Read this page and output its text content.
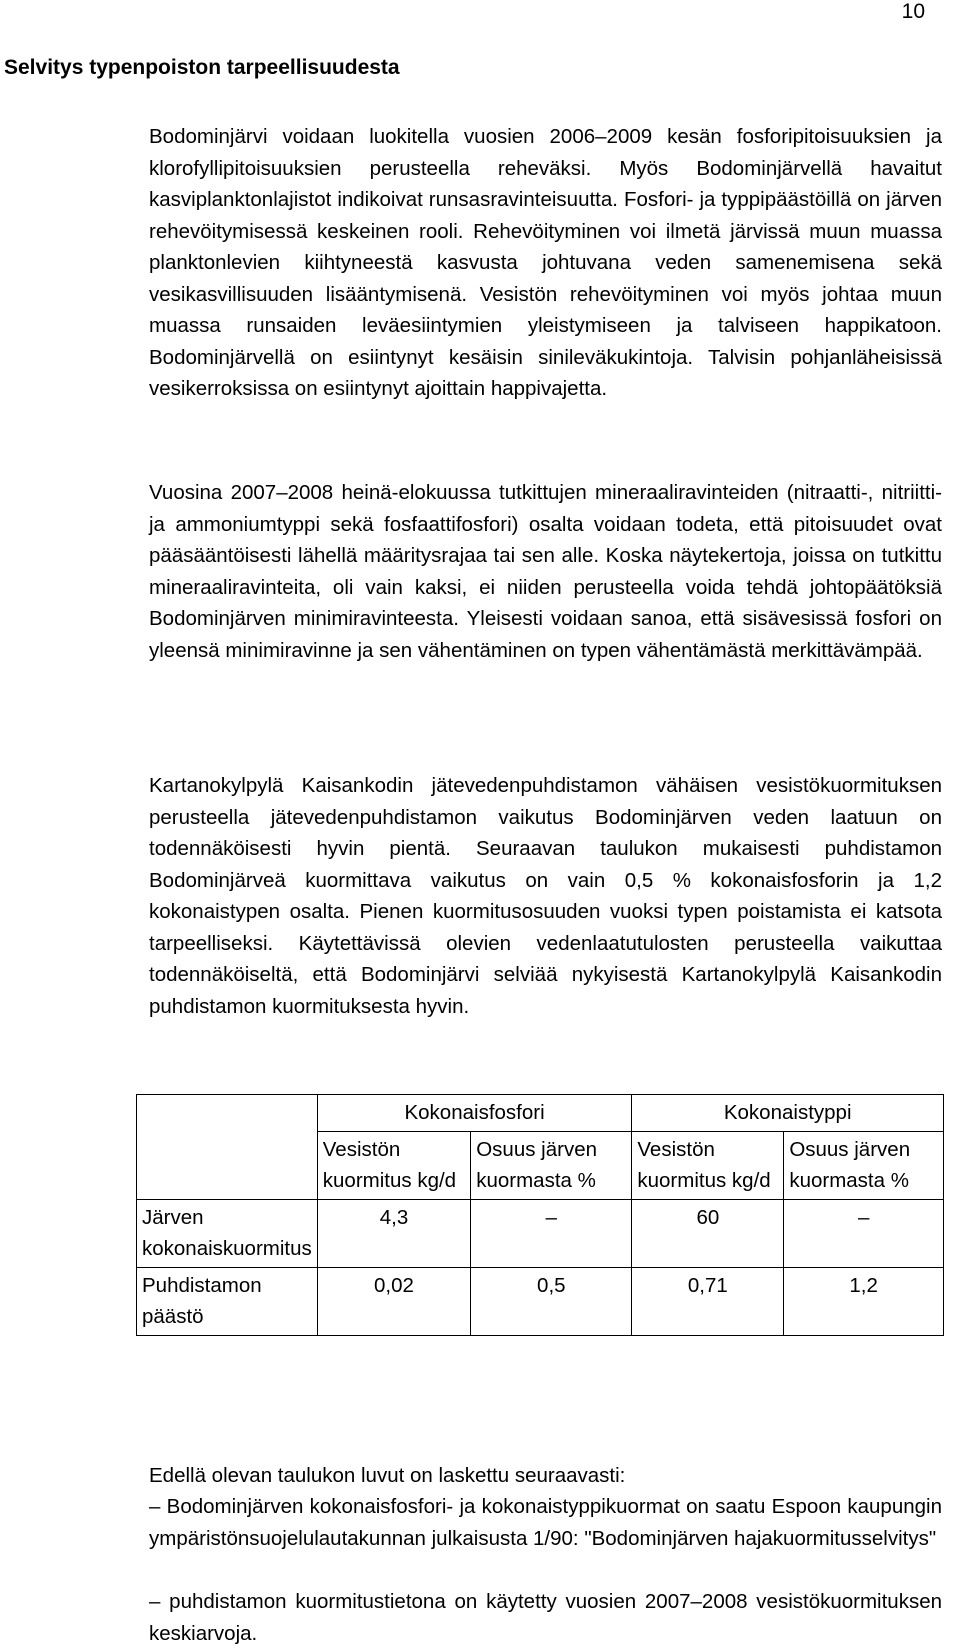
10
Selvitys typenpoiston tarpeellisuudesta

Bodominjärvi voidaan luokitella vuosien 2006–2009 kesän fosforipitoisuuksien ja klorofyllipitoisuuksien perusteella reheväksi. Myös Bodominjärvellä havaitut kasviplanktonlajistot indikoivat runsasravinteisuutta. Fosfori- ja typpipäästöillä on järven rehevöitymisessä keskeinen rooli. Rehevöityminen voi ilmetä järvissä muun muassa planktonlevien kiihtyneestä kasvusta johtuvana veden samenemisena sekä vesikasvillisuuden lisääntymisenä. Vesistön rehevöityminen voi myös johtaa muun muassa runsaiden leväesiintymien yleistymiseen ja talviseen happikatoon. Bodominjärvellä on esiintynyt kesäisin sinileväkukintoja. Talvisin pohjanläheisissä vesikerroksissa on esiintynyt ajoittain happivajetta.

Vuosina 2007–2008 heinä-elokuussa tutkittujen mineraaliravinteiden (nitraatti-, nitriitti- ja ammoniumtyppi sekä fosfaattifosfori) osalta voidaan todeta, että pitoisuudet ovat pääsääntöisesti lähellä määritysrajaa tai sen alle. Koska näytekertoja, joissa on tutkittu mineraaliravinteita, oli vain kaksi, ei niiden perusteella voida tehdä johtopäätöksiä Bodominjärven minimiravinteesta. Yleisesti voidaan sanoa, että sisävesissä fosfori on yleensä minimiravinne ja sen vähentäminen on typen vähentämästä merkittävämpää.

Kartanokylpylä Kaisankodin jätevedenpuhdistamon vähäisen vesistökuormituksen perusteella jätevedenpuhdistamon vaikutus Bodominjärven veden laatuun on todennäköisesti hyvin pientä. Seuraavan taulukon mukaisesti puhdistamon Bodominjärveä kuormittava vaikutus on vain 0,5 % kokonaisfosforin ja 1,2 kokonaistypen osalta. Pienen kuormitusosuuden vuoksi typen poistamista ei katsota tarpeelliseksi. Käytettävissä olevien vedenlaatutulosten perusteella vaikuttaa todennäköiseltä, että Bodominjärvi selviää nykyisestä Kartanokylpylä Kaisankodin puhdistamon kuormituksesta hyvin.

	Kokonaisfosfori		Kokonaistyppi	
	Vesistön kuormitus kg/d	Osuus järven kuormasta %	Vesistön kuormitus kg/d	Osuus järven kuormasta %
Järven kokonaiskuormitus	4,3	–	60	–
Puhdistamon päästö	0,02	0,5	0,71	1,2

Edellä olevan taulukon luvut on laskettu seuraavasti:

– Bodominjärven kokonaisfosfori- ja kokonaistyppikuormat on saatu Espoon kaupungin ympäristönsuojelulautakunnan julkaisusta 1/90: "Bodominjärven hajakuormitusselvitys"

– puhdistamon kuormitustietona on käytetty vuosien 2007–2008 vesistökuormituksen keskiarvoja.
